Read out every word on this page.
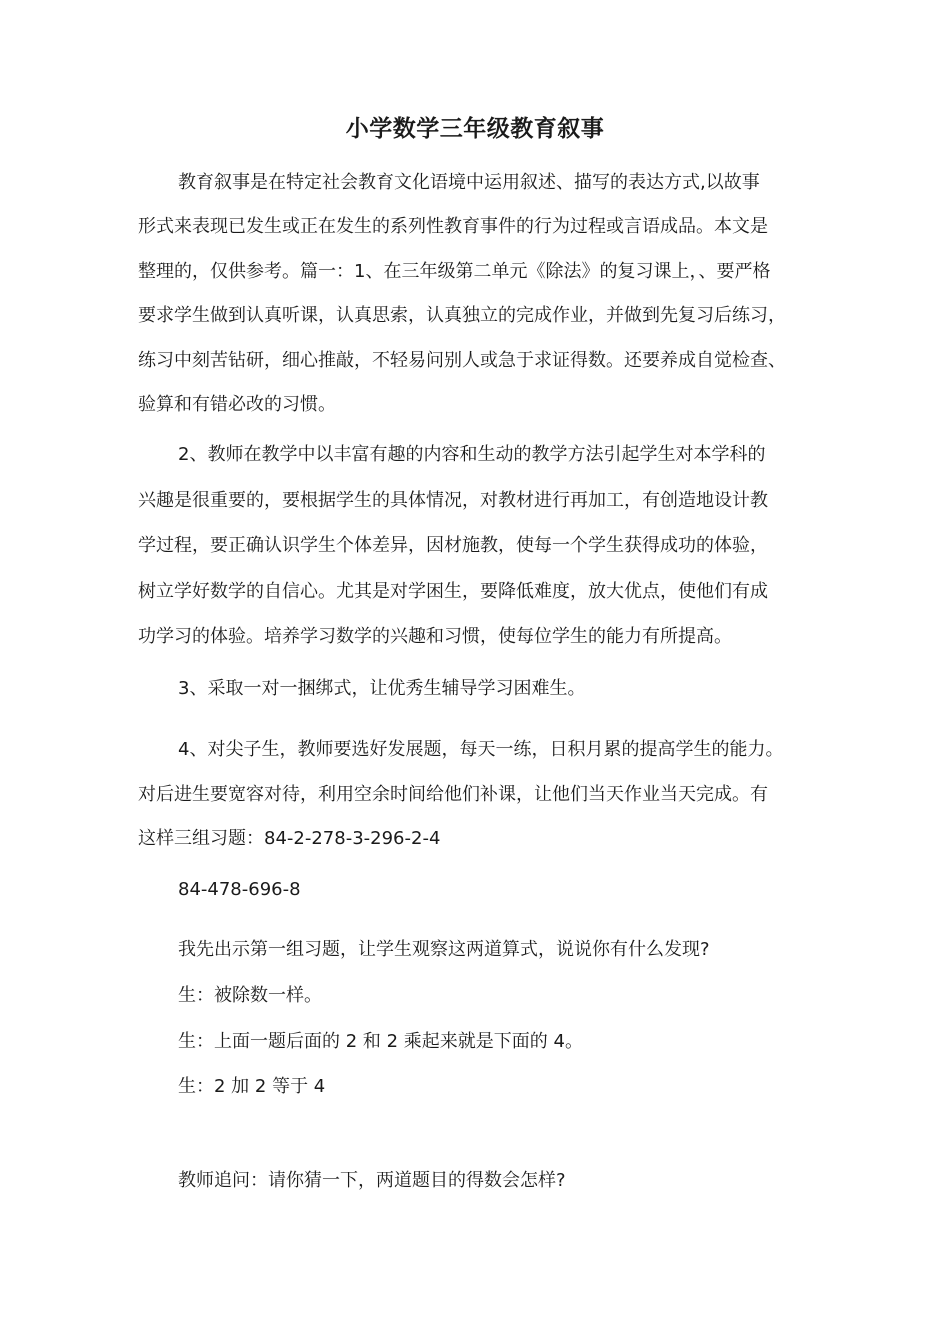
小学数学三年级教育叙事

教育叙事是在特定社会教育文化语境中运用叙述、描写的表达方式,以故事

形式来表现已发生或正在发生的系列性教育事件的行为过程或言语成品。本文是

整理的，仅供参考。篇一：1、在三年级第二单元《除法》的复习课上，、要严格

要求学生做到认真听课，认真思索，认真独立的完成作业，并做到先复习后练习，

练习中刻苦钻研，细心推敲，不轻易问别人或急于求证得数。还要养成自觉检查、

验算和有错必改的习惯。

2、教师在教学中以丰富有趣的内容和生动的教学方法引起学生对本学科的

兴趣是很重要的，要根据学生的具体情况，对教材进行再加工，有创造地设计教

学过程，要正确认识学生个体差异，因材施教，使每一个学生获得成功的体验，

树立学好数学的自信心。尤其是对学困生，要降低难度，放大优点，使他们有成

功学习的体验。培养学习数学的兴趣和习惯，使每位学生的能力有所提高。

3、采取一对一捆绑式，让优秀生辅导学习困难生。

4、对尖子生，教师要选好发展题，每天一练，日积月累的提高学生的能力。

对后进生要宽容对待，利用空余时间给他们补课，让他们当天作业当天完成。有

这样三组习题：84-2-278-3-296-2-4

84-478-696-8

我先出示第一组习题，让学生观察这两道算式，说说你有什么发现?

生：被除数一样。

生：上面一题后面的 2 和 2 乘起来就是下面的 4。

生：2 加 2 等于 4

教师追问：请你猜一下，两道题目的得数会怎样?
